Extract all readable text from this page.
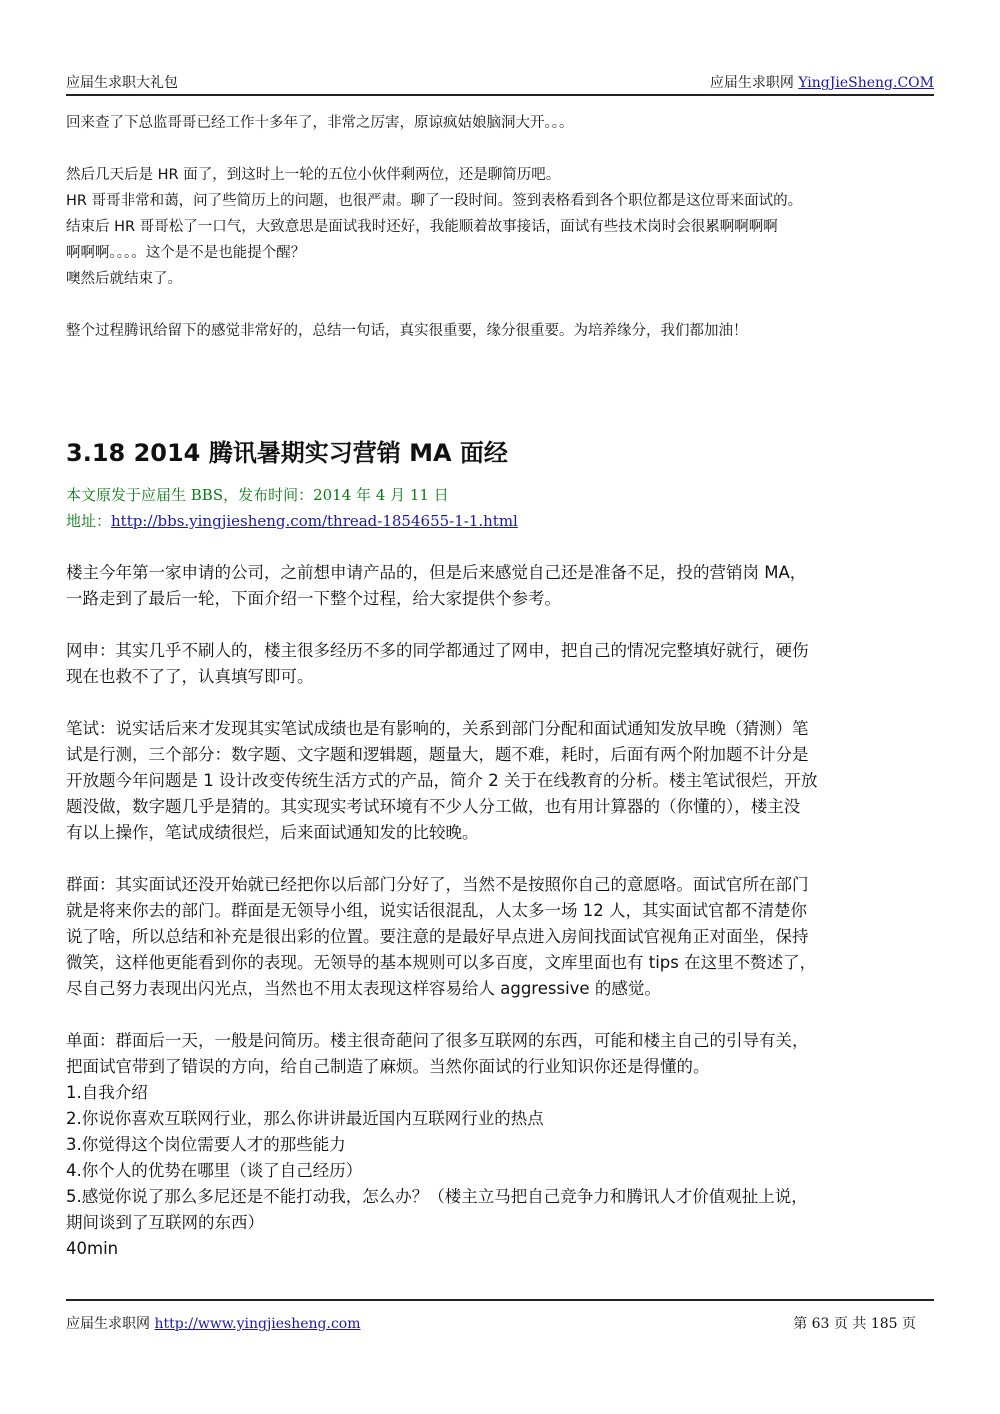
应届生求职大礼包	应届生求职网 YingJieSheng.COM

回来查了下总监哥哥已经工作十多年了，非常之厉害，原谅疯姑娘脑洞大开。。。

然后几天后是 HR 面了，到这时上一轮的五位小伙伴剩两位，还是聊简历吧。

HR 哥哥非常和蔼，问了些简历上的问题，也很严肃。聊了一段时间。签到表格看到各个职位都是这位哥来面试的。

结束后 HR 哥哥松了一口气，大致意思是面试我时还好，我能顺着故事接话，面试有些技术岗时会很累啊啊啊啊

啊啊啊。。。。这个是不是也能提个醒？

噢然后就结束了。

整个过程腾讯给留下的感觉非常好的，总结一句话，真实很重要，缘分很重要。为培养缘分，我们都加油！

3.18 2014 腾讯暑期实习营销 MA 面经

本文原发于应届生 BBS，发布时间：2014 年 4 月 11 日

地址：http://bbs.yingjiesheng.com/thread-1854655-1-1.html

楼主今年第一家申请的公司，之前想申请产品的，但是后来感觉自己还是准备不足，投的营销岗 MA，

一路走到了最后一轮，下面介绍一下整个过程，给大家提供个参考。

网申：其实几乎不刷人的，楼主很多经历不多的同学都通过了网申，把自己的情况完整填好就行，硬伤

现在也救不了了，认真填写即可。

笔试：说实话后来才发现其实笔试成绩也是有影响的，关系到部门分配和面试通知发放早晚（猜测）笔

试是行测，三个部分：数字题、文字题和逻辑题，题量大，题不难，耗时，后面有两个附加题不计分是

开放题今年问题是 1 设计改变传统生活方式的产品，简介 2 关于在线教育的分析。楼主笔试很烂，开放

题没做，数字题几乎是猜的。其实现实考试环境有不少人分工做，也有用计算器的（你懂的），楼主没

有以上操作，笔试成绩很烂，后来面试通知发的比较晚。

群面：其实面试还没开始就已经把你以后部门分好了，当然不是按照你自己的意愿咯。面试官所在部门

就是将来你去的部门。群面是无领导小组，说实话很混乱，人太多一场 12 人，其实面试官都不清楚你

说了啥，所以总结和补充是很出彩的位置。要注意的是最好早点进入房间找面试官视角正对面坐，保持

微笑，这样他更能看到你的表现。无领导的基本规则可以多百度，文库里面也有 tips 在这里不赘述了，

尽自己努力表现出闪光点，当然也不用太表现这样容易给人 aggressive 的感觉。

单面：群面后一天，一般是问简历。楼主很奇葩问了很多互联网的东西，可能和楼主自己的引导有关，

把面试官带到了错误的方向，给自己制造了麻烦。当然你面试的行业知识你还是得懂的。

1.自我介绍

2.你说你喜欢互联网行业，那么你讲讲最近国内互联网行业的热点

3.你觉得这个岗位需要人才的那些能力

4.你个人的优势在哪里（谈了自己经历）

5.感觉你说了那么多尼还是不能打动我，怎么办？（楼主立马把自己竞争力和腾讯人才价值观扯上说，

期间谈到了互联网的东西）

40min

应届生求职网 http://www.yingjiesheng.com	第 63 页 共 185 页
